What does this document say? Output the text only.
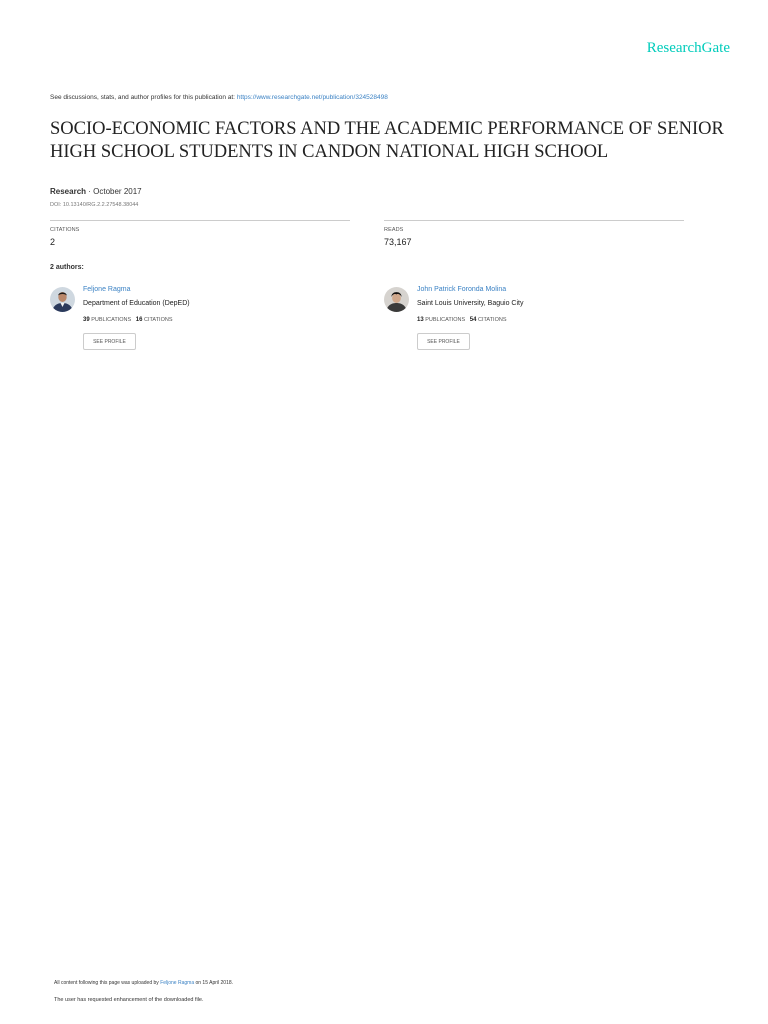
ResearchGate
See discussions, stats, and author profiles for this publication at: https://www.researchgate.net/publication/324528498
SOCIO-ECONOMIC FACTORS AND THE ACADEMIC PERFORMANCE OF SENIOR HIGH SCHOOL STUDENTS IN CANDON NATIONAL HIGH SCHOOL
Research · October 2017
DOI: 10.13140/RG.2.2.27548.38044
CITATIONS
2
READS
73,167
2 authors:
Feljone Ragma
Department of Education (DepED)
39 PUBLICATIONS 16 CITATIONS
SEE PROFILE
John Patrick Foronda Molina
Saint Louis University, Baguio City
13 PUBLICATIONS 54 CITATIONS
SEE PROFILE
All content following this page was uploaded by Feljone Ragma on 15 April 2018.
The user has requested enhancement of the downloaded file.
